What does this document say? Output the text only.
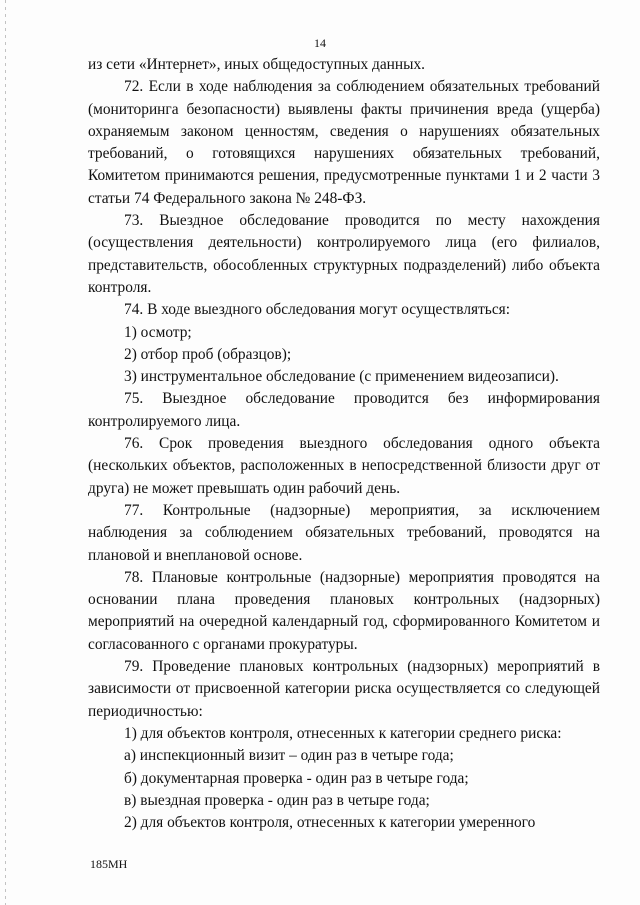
14

из сети «Интернет», иных общедоступных данных.

72. Если в ходе наблюдения за соблюдением обязательных требований (мониторинга безопасности) выявлены факты причинения вреда (ущерба) охраняемым законом ценностям, сведения о нарушениях обязательных требований, о готовящихся нарушениях обязательных требований, Комитетом принимаются решения, предусмотренные пунктами 1 и 2 части 3 статьи 74 Федерального закона № 248-ФЗ.

73. Выездное обследование проводится по месту нахождения (осуществления деятельности) контролируемого лица (его филиалов, представительств, обособленных структурных подразделений) либо объекта контроля.

74. В ходе выездного обследования могут осуществляться:

1) осмотр;

2) отбор проб (образцов);

3) инструментальное обследование (с применением видеозаписи).

75. Выездное обследование проводится без информирования контролируемого лица.

76. Срок проведения выездного обследования одного объекта (нескольких объектов, расположенных в непосредственной близости друг от друга) не может превышать один рабочий день.

77. Контрольные (надзорные) мероприятия, за исключением наблюдения за соблюдением обязательных требований, проводятся на плановой и внеплановой основе.

78. Плановые контрольные (надзорные) мероприятия проводятся на основании плана проведения плановых контрольных (надзорных) мероприятий на очередной календарный год, сформированного Комитетом и согласованного с органами прокуратуры.

79. Проведение плановых контрольных (надзорных) мероприятий в зависимости от присвоенной категории риска осуществляется со следующей периодичностью:

1) для объектов контроля, отнесенных к категории среднего риска:

а) инспекционный визит – один раз в четыре года;

б) документарная проверка - один раз в четыре года;

в) выездная проверка - один раз в четыре года;

2) для объектов контроля, отнесенных к категории умеренного

185МН
